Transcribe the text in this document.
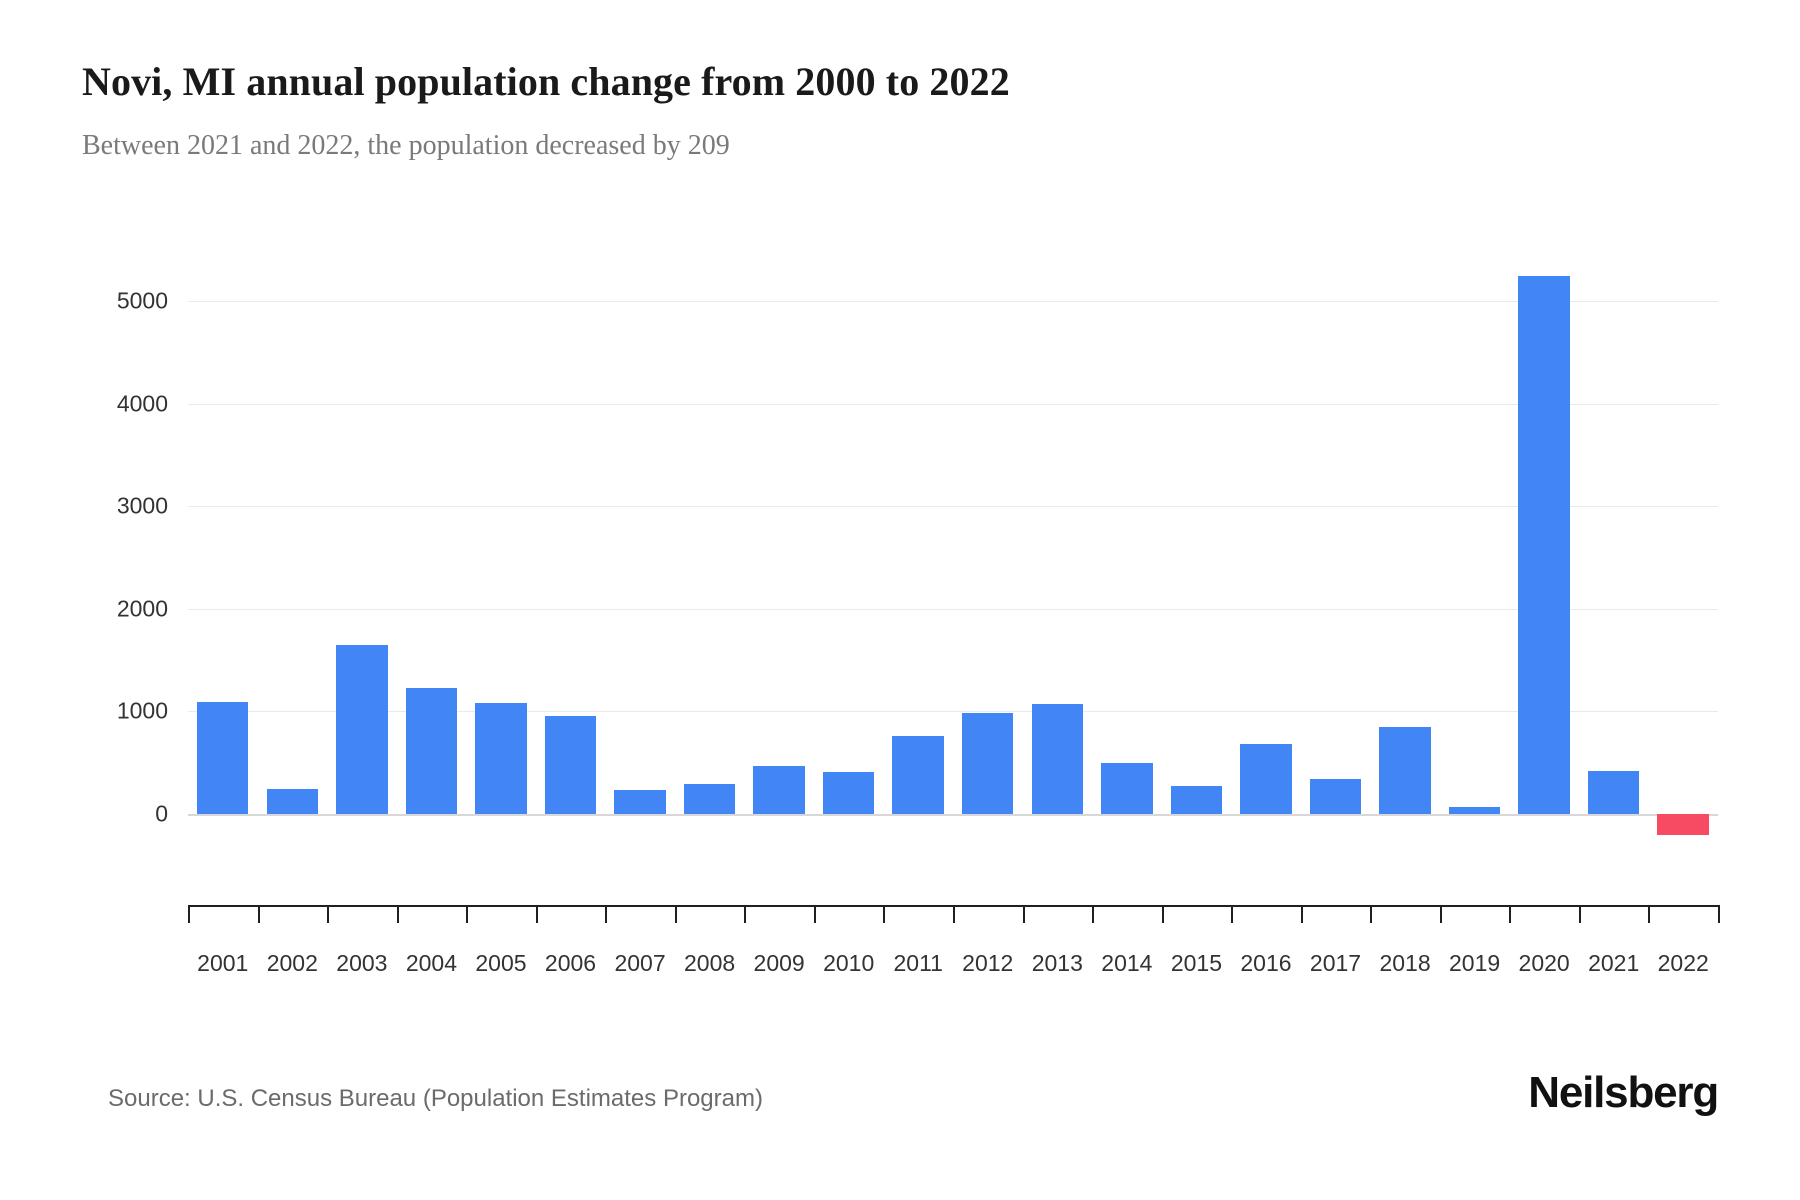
Novi, MI annual population change from 2000 to 2022
Between 2021 and 2022, the population decreased by 209
0
1000
2000
3000
4000
5000
2001 2002 2003 2004 2005 2006 2007 2008 2009 2010 2011 2012 2013 2014 2015 2016 2017 2018 2019 2020 2021 2022
Source: U.S. Census Bureau (Population Estimates Program)	Neilsberg
